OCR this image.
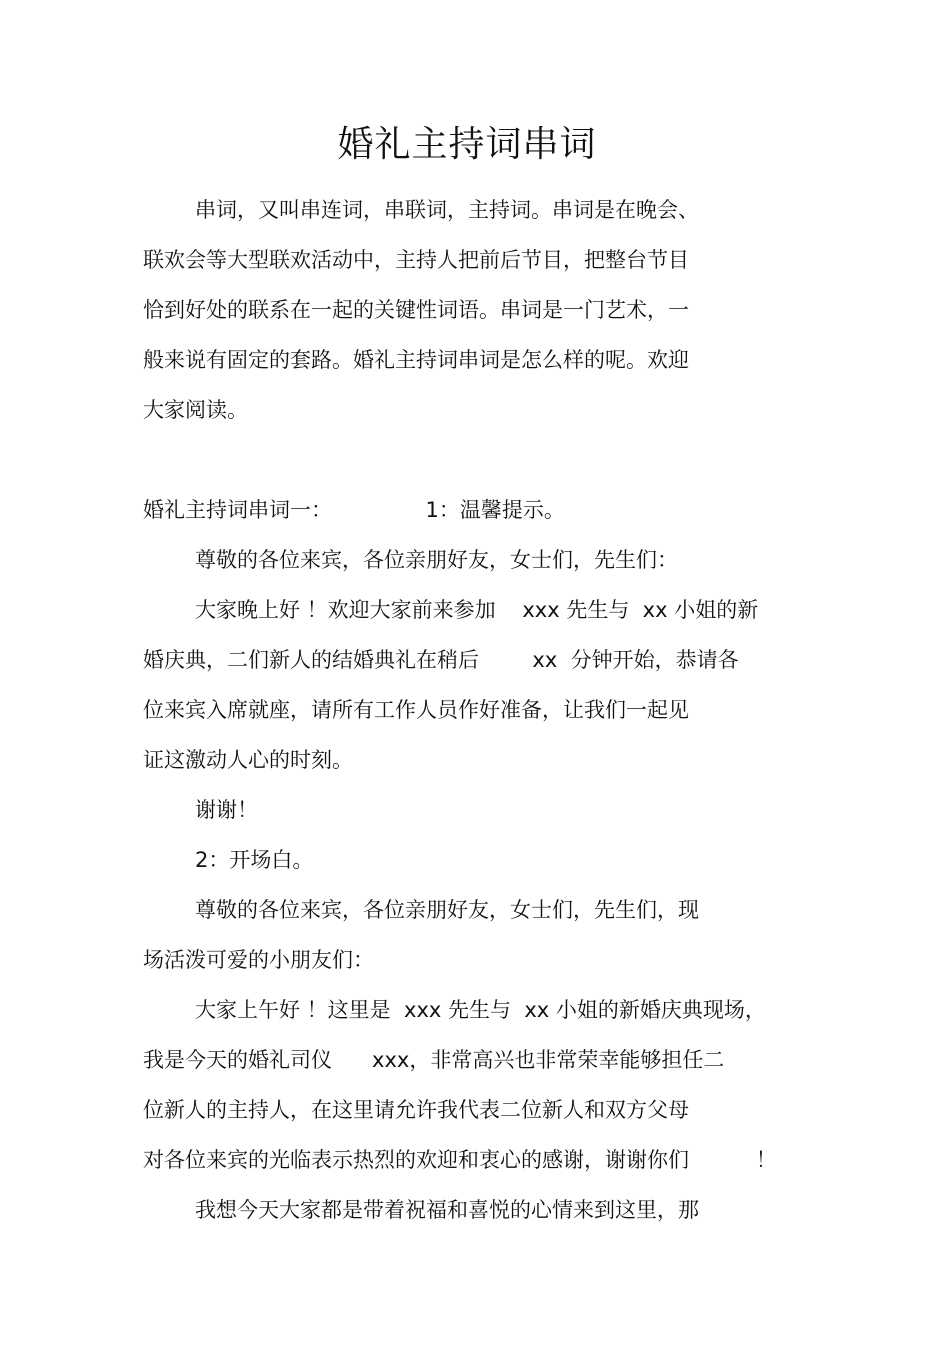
婚礼主持词串词
串词，又叫串连词，串联词，主持词。串词是在晚会、
联欢会等大型联欢活动中，主持人把前后节目，把整台节目
恰到好处的联系在一起的关键性词语。串词是一门艺术，一
般来说有固定的套路。婚礼主持词串词是怎么样的呢。欢迎
大家阅读。
婚礼主持词串词一：              1：温馨提示。
尊敬的各位来宾，各位亲朋好友，女士们，先生们：
大家晚上好 ！欢迎大家前来参加    xxx 先生与  xx 小姐的新
婚庆典，二们新人的结婚典礼在稍后        xx  分钟开始，恭请各
位来宾入席就座，请所有工作人员作好准备，让我们一起见
证这激动人心的时刻。
谢谢！
2：开场白。
尊敬的各位来宾，各位亲朋好友，女士们，先生们，现
场活泼可爱的小朋友们：
大家上午好 ！这里是  xxx 先生与  xx 小姐的新婚庆典现场，
我是今天的婚礼司仪      xxx，非常高兴也非常荣幸能够担任二
位新人的主持人，在这里请允许我代表二位新人和双方父母
对各位来宾的光临表示热烈的欢迎和衷心的感谢，谢谢你们          ！
我想今天大家都是带着祝福和喜悦的心情来到这里，那
